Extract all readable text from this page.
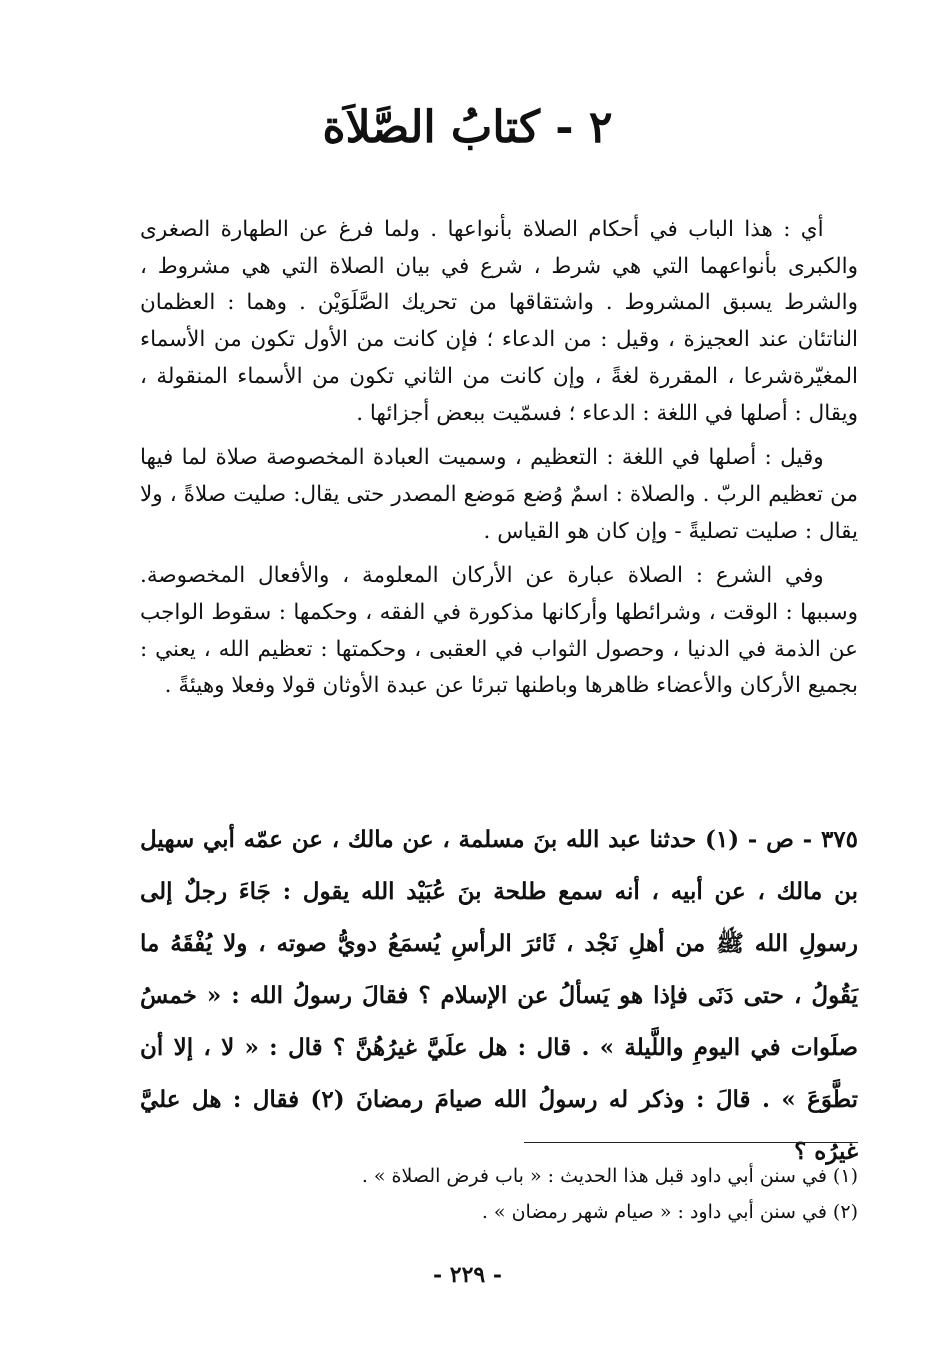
٢ - كتابُ الصَّلاَة

أي : هذا الباب في أحكام الصلاة بأنواعها . ولما فرغ عن الطهارة الصغرى والكبرى بأنواعهما التي هي شرط ، شرع في بيان الصلاة التي هي مشروط ، والشرط يسبق المشروط . واشتقاقها من تحريك الصَّلَوَيْن . وهما : العظمان الناتئان عند العجيزة ، وقيل : من الدعاء ؛ فإن كانت من الأول تكون من الأسماء المغيّرةشرعا ، المقررة لغةً ، وإن كانت من الثاني تكون من الأسماء المنقولة ، ويقال : أصلها في اللغة : الدعاء ؛ فسمّيت ببعض أجزائها .

وقيل : أصلها في اللغة : التعظيم ، وسميت العبادة المخصوصة صلاة لما فيها من تعظيم الربّ . والصلاة : اسمٌ وُضع مَوضع المصدر حتى يقال: صليت صلاةً ، ولا يقال : صليت تصليةً - وإن كان هو القياس .

وفي الشرع : الصلاة عبارة عن الأركان المعلومة ، والأفعال المخصوصة. وسببها : الوقت ، وشرائطها وأركانها مذكورة في الفقه ، وحكمها : سقوط الواجب عن الذمة في الدنيا ، وحصول الثواب في العقبى ، وحكمتها : تعظيم الله ، يعني : بجميع الأركان والأعضاء ظاهرها وباطنها تبرئا عن عبدة الأوثان قولا وفعلا وهيئةً .

٣٧٥ - ص - (١) حدثنا عبد الله بنَ مسلمة ، عن مالك ، عن عمّه أبي سهيل بن مالك ، عن أبيه ، أنه سمع طلحة بنَ عُبَيْد الله يقول : جَاءَ رجلٌ إلى رسولِ الله ﷺ من أهلِ نَجْد ، ثَائرَ الرأسِ يُسمَعُ دويُّ صوته ، ولا يُفْقَهُ ما يَقُولُ ، حتى دَنَى فإذا هو يَسألُ عن الإسلام ؟ فقالَ رسولُ الله : « خمسُ صلَوات في اليومِ واللَّيلة » . قال : هل علَيَّ غيرُهُنَّ ؟ قال : « لا ، إلا أن تطَّوَعَ » . قالَ : وذكر له رسولُ الله صيامَ رمضانَ (٢) فقال : هل عليَّ غيرُه ؟

(١) في سنن أبي داود قبل هذا الحديث : « باب فرض الصلاة » .
(٢) في سنن أبي داود : « صيام شهر رمضان » .
- ٢٢٩ -
